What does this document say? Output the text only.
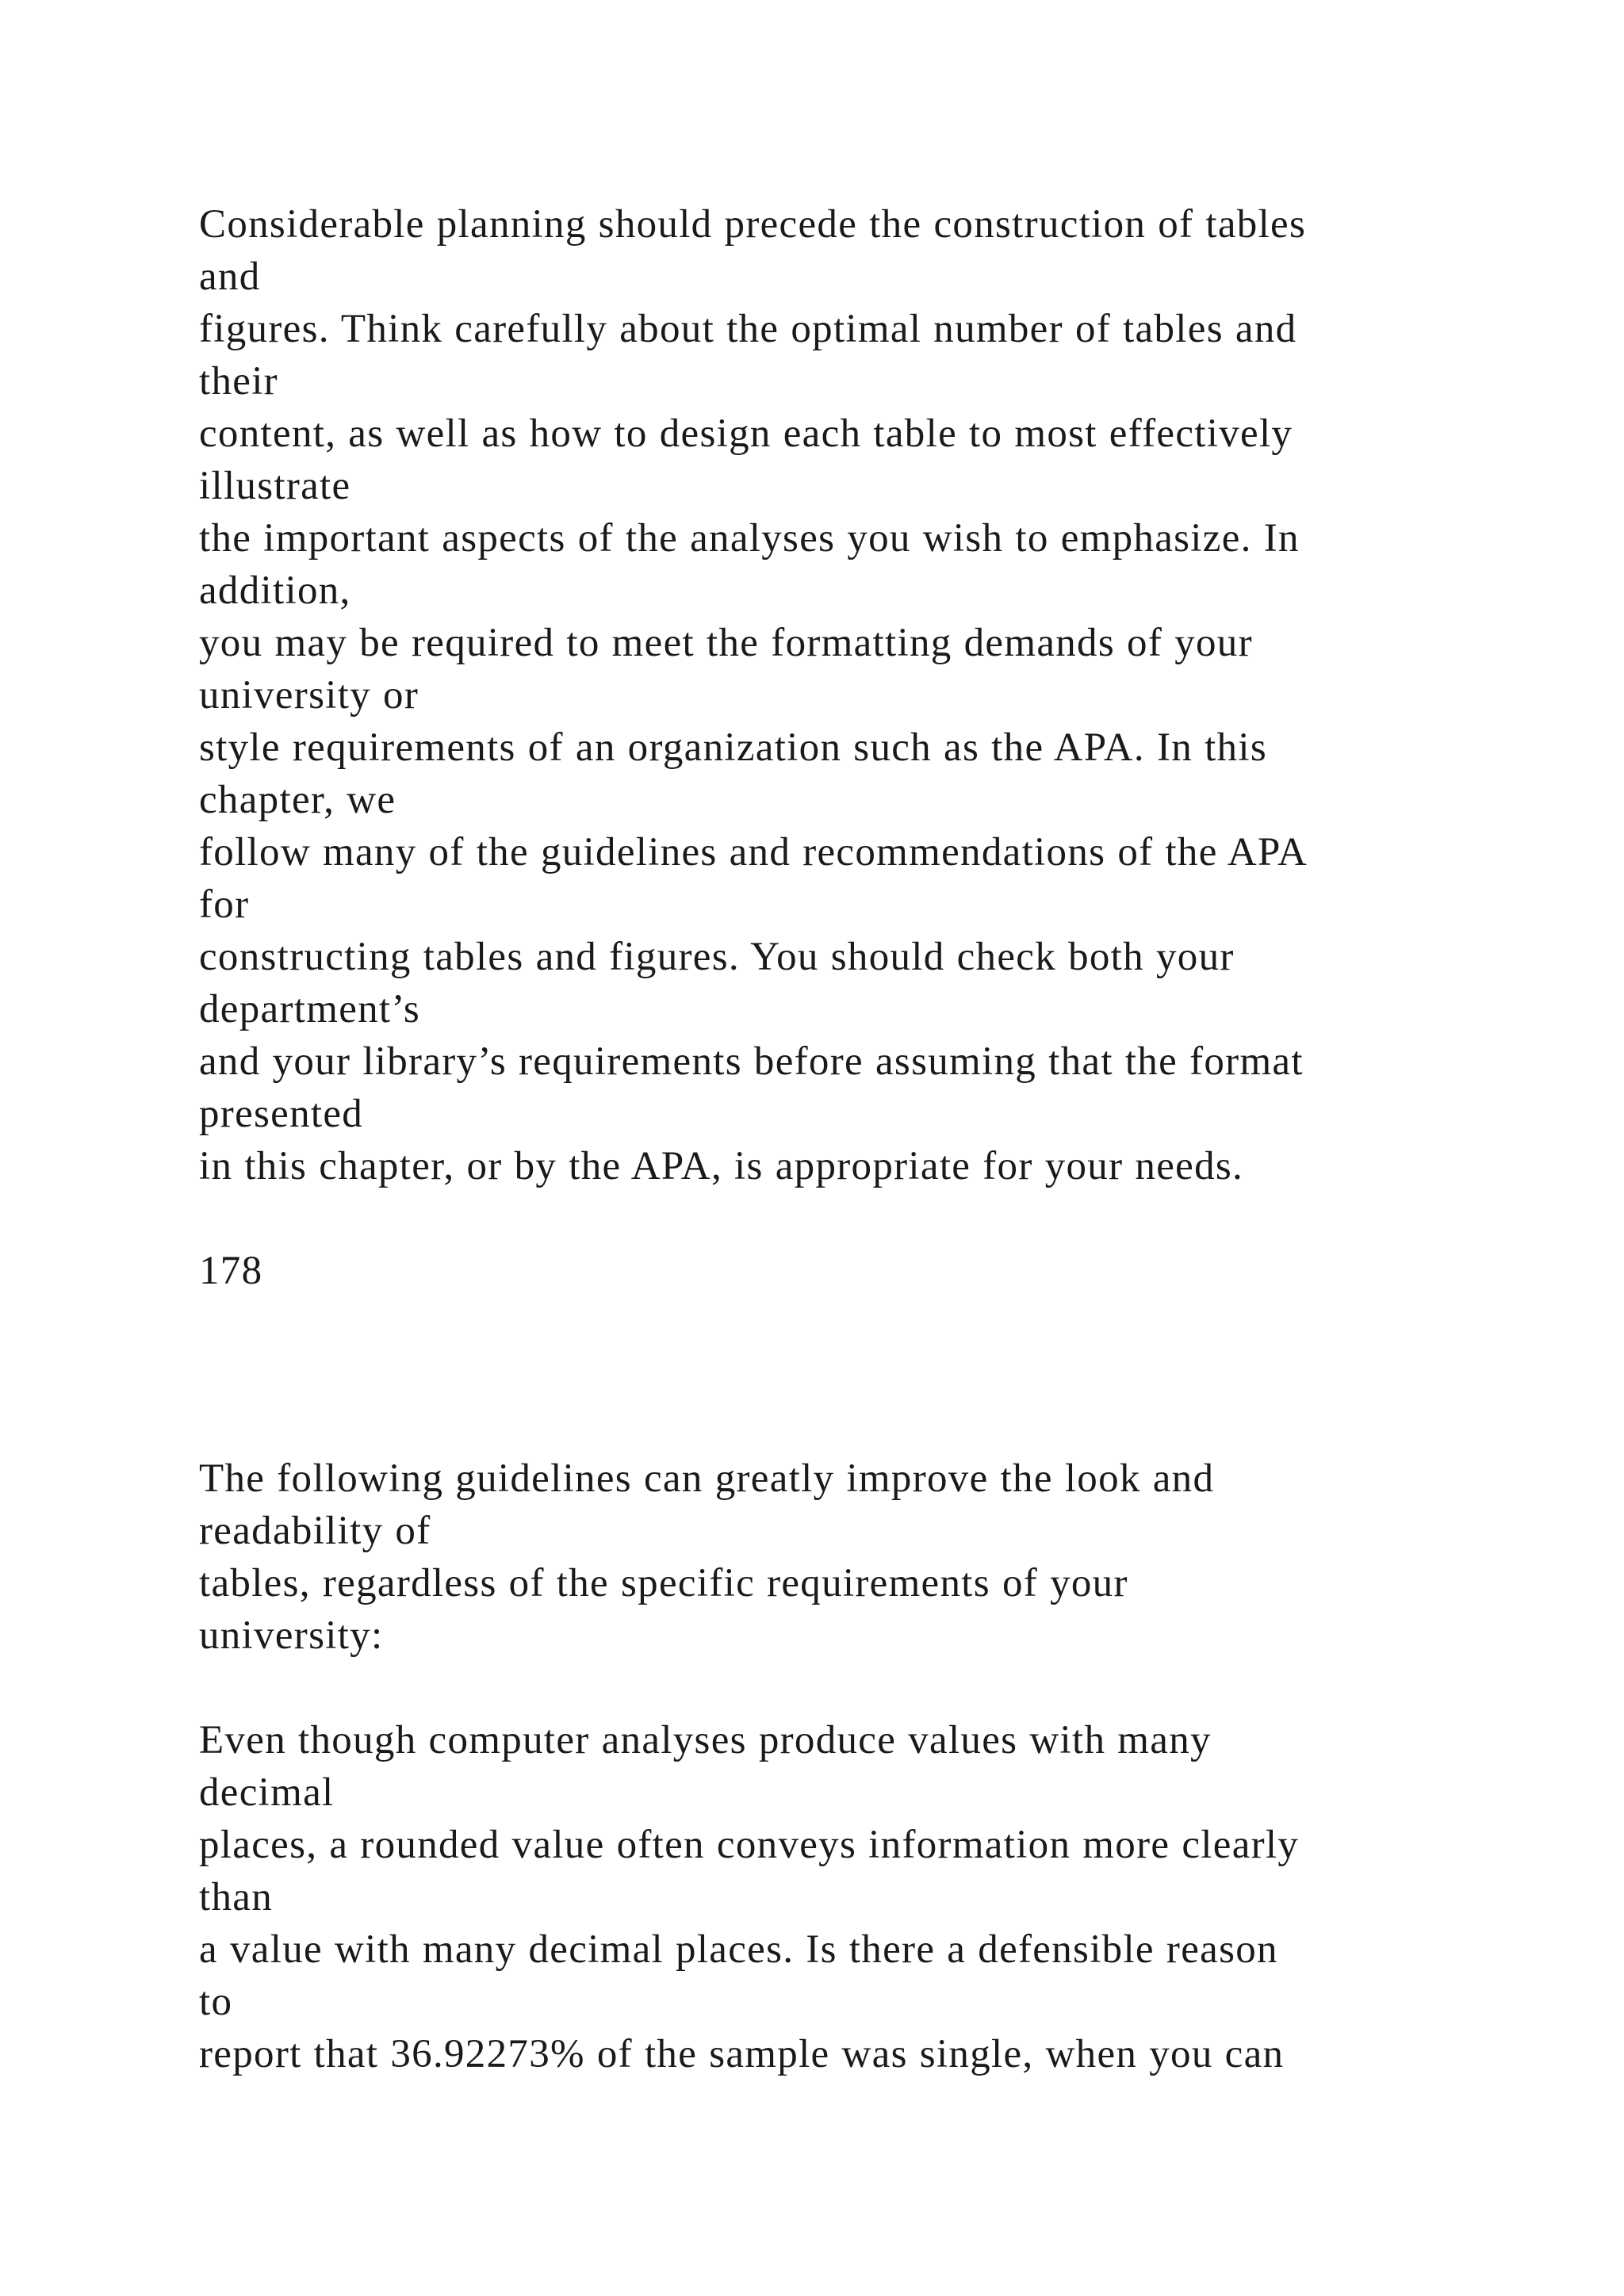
Considerable planning should precede the construction of tables
and
figures. Think carefully about the optimal number of tables and
their
content, as well as how to design each table to most effectively
illustrate
the important aspects of the analyses you wish to emphasize. In
addition,
you may be required to meet the formatting demands of your
university or
style requirements of an organization such as the APA. In this
chapter, we
follow many of the guidelines and recommendations of the APA
for
constructing tables and figures. You should check both your
department’s
and your library’s requirements before assuming that the format
presented
in this chapter, or by the APA, is appropriate for your needs.
178
The following guidelines can greatly improve the look and
readability of
tables, regardless of the specific requirements of your
university:
Even though computer analyses produce values with many
decimal
places, a rounded value often conveys information more clearly
than
a value with many decimal places. Is there a defensible reason
to
report that 36.92273% of the sample was single, when you can
